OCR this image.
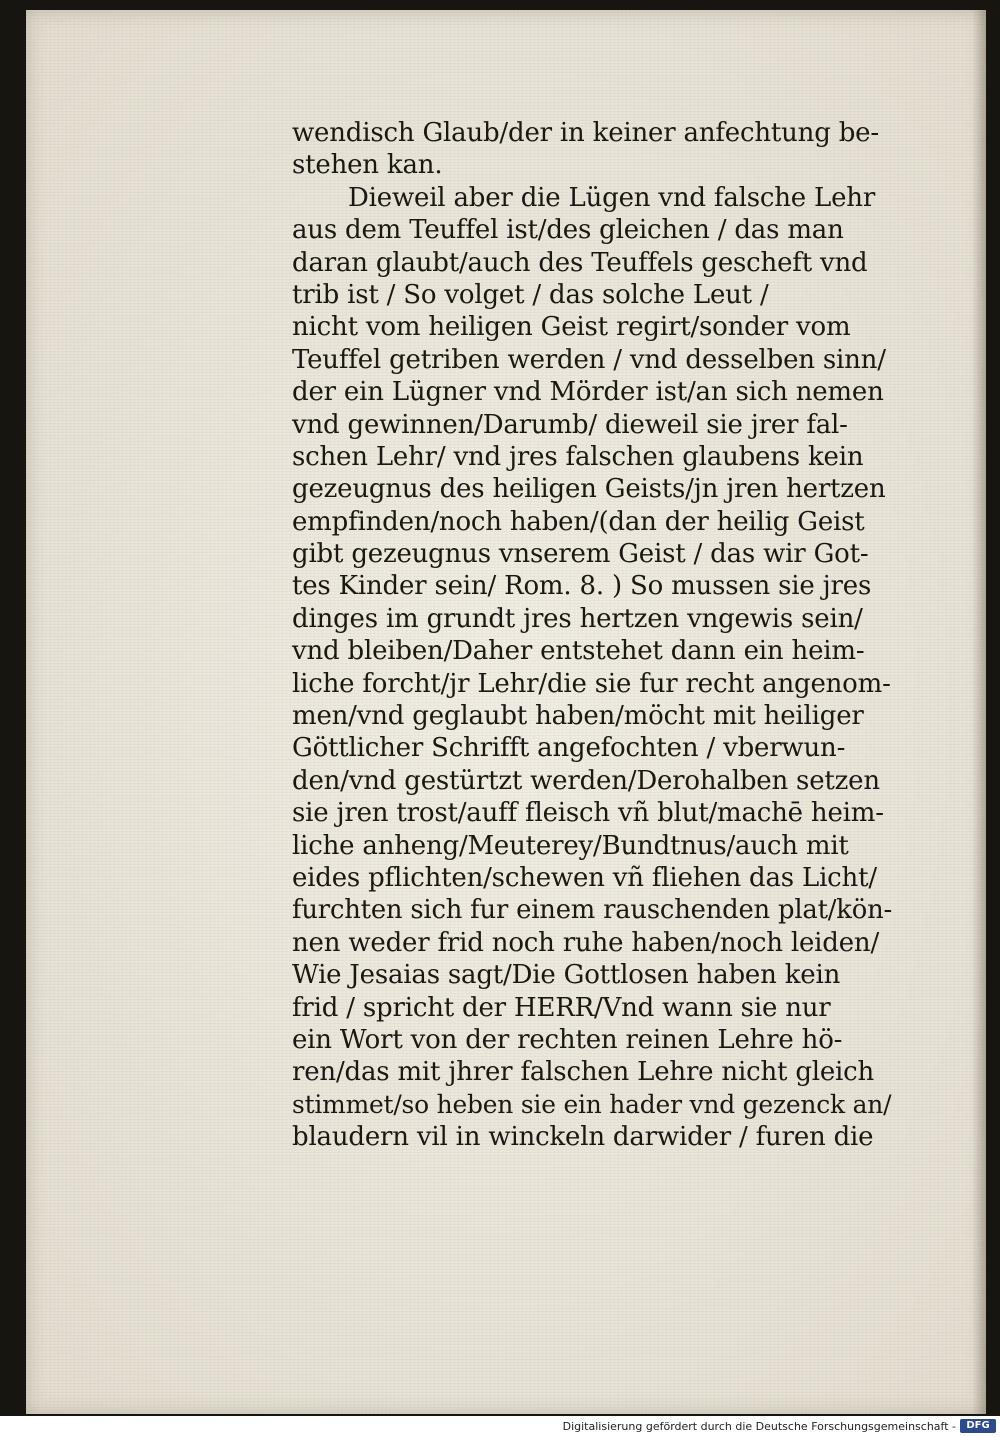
wendisch Glaub/der in keiner anfechtung be-
stehen kan.
Dieweil aber die Lügen vnd falsche Lehr
aus dem Teuffel ist/des gleichen / das man
daran glaubt/auch des Teuffels gescheft vnd
trib ist / So volget / das solche Leut /
nicht vom heiligen Geist regirt/sonder vom
Teuffel getriben werden / vnd desselben sinn/
der ein Lügner vnd Mörder ist/an sich nemen
vnd gewinnen/Darumb/ dieweil sie jrer fal-
schen Lehr/ vnd jres falschen glaubens kein
gezeugnus des heiligen Geists/jn jren hertzen
empfinden/noch haben/(dan der heilig Geist
gibt gezeugnus vnserem Geist / das wir Got-
tes Kinder sein/ Rom. 8. ) So mussen sie jres
dinges im grundt jres hertzen vngewis sein/
vnd bleiben/Daher entstehet dann ein heim-
liche forcht/jr Lehr/die sie fur recht angenom-
men/vnd geglaubt haben/möcht mit heiliger
Göttlicher Schrifft angefochten / vberwun-
den/vnd gestürtzt werden/Derohalben setzen
sie jren trost/auff fleisch vñ blut/machē heim-
liche anheng/Meuterey/Bundtnus/auch mit
eides pflichten/schewen vñ fliehen das Licht/
furchten sich fur einem rauschenden plat/kön-
nen weder frid noch ruhe haben/noch leiden/
Wie Jesaias sagt/Die Gottlosen haben kein
frid / spricht der HERR/Vnd wann sie nur
ein Wort von der rechten reinen Lehre hö-
ren/das mit jhrer falschen Lehre nicht gleich
stimmet/so heben sie ein hader vnd gezenck an/
blaudern vil in winckeln darwider / furen die
Digitalisierung gefördert durch die Deutsche Forschungsgemeinschaft -	DFG
